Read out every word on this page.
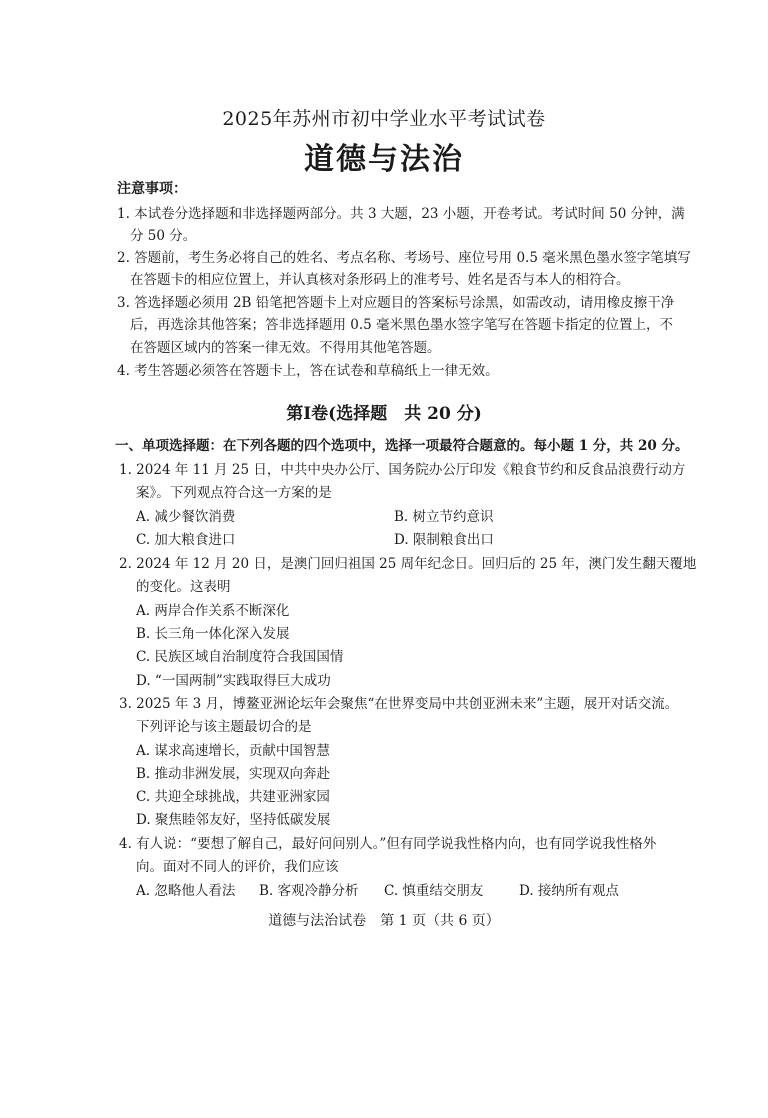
2025年苏州市初中学业水平考试试卷
道德与法治
注意事项：
1. 本试卷分选择题和非选择题两部分。共 3 大题，23 小题，开卷考试。考试时间 50 分钟，满
分 50 分。
2. 答题前，考生务必将自己的姓名、考点名称、考场号、座位号用 0.5 毫米黑色墨水签字笔填写
在答题卡的相应位置上，并认真核对条形码上的准考号、姓名是否与本人的相符合。
3. 答选择题必须用 2B 铅笔把答题卡上对应题目的答案标号涂黑，如需改动，请用橡皮擦干净
后，再选涂其他答案；答非选择题用 0.5 毫米黑色墨水签字笔写在答题卡指定的位置上，不
在答题区域内的答案一律无效。不得用其他笔答题。
4. 考生答题必须答在答题卡上，答在试卷和草稿纸上一律无效。
第Ⅰ卷(选择题　共 20 分)
一、单项选择题：在下列各题的四个选项中，选择一项最符合题意的。每小题 1 分，共 20 分。
1. 2024 年 11 月 25 日，中共中央办公厅、国务院办公厅印发《粮食节约和反食品浪费行动方
案》。下列观点符合这一方案的是
A. 减少餐饮消费	B. 树立节约意识
C. 加大粮食进口	D. 限制粮食出口
2. 2024 年 12 月 20 日，是澳门回归祖国 25 周年纪念日。回归后的 25 年，澳门发生翻天覆地
的变化。这表明
A. 两岸合作关系不断深化
B. 长三角一体化深入发展
C. 民族区域自治制度符合我国国情
D. “一国两制”实践取得巨大成功
3. 2025 年 3 月，博鳌亚洲论坛年会聚焦“在世界变局中共创亚洲未来”主题，展开对话交流。
下列评论与该主题最切合的是
A. 谋求高速增长，贡献中国智慧
B. 推动非洲发展，实现双向奔赴
C. 共迎全球挑战，共建亚洲家园
D. 聚焦睦邻友好，坚持低碳发展
4. 有人说：“要想了解自己，最好问问别人。”但有同学说我性格内向，也有同学说我性格外
向。面对不同人的评价，我们应该
A. 忽略他人看法 B. 客观冷静分析 C. 慎重结交朋友	D. 接纳所有观点
道德与法治试卷　第 1 页（共 6 页）
